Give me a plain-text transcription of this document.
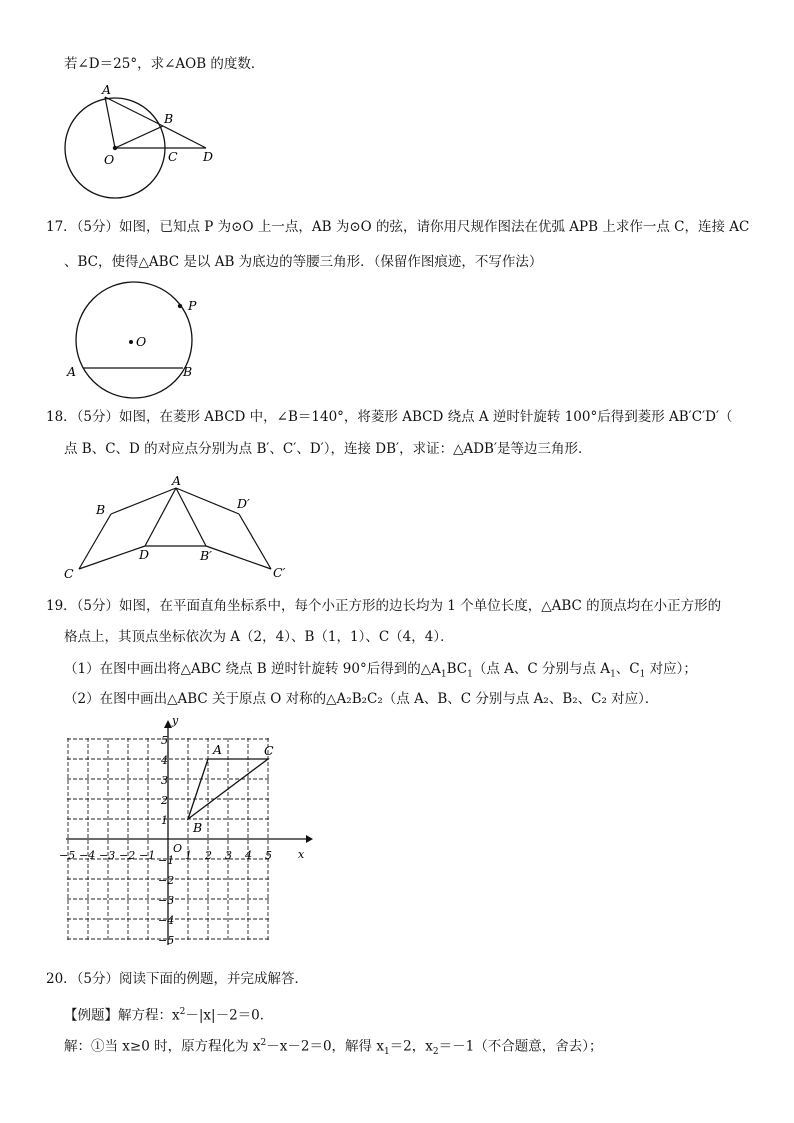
若∠D＝25°，求∠AOB 的度数．
A
B
O	C D
17．（5分）如图，已知点 P 为⊙O 上一点，AB 为⊙O 的弦，请你用尺规作图法在优弧 APB 上求作一点 C，连接 AC
、BC，使得△ABC 是以 AB 为底边的等腰三角形．（保留作图痕迹，不写作法）
P
O
A	B
18．（5分）如图，在菱形 ABCD 中，∠B＝140°，将菱形 ABCD 绕点 A 逆时针旋转 100°后得到菱形 AB′C′D′（
点 B、C、D 的对应点分别为点 B′、C′、D′），连接 DB′，求证：△ADB′是等边三角形．
A
B
C
D	B′
C′
D′
19．（5分）如图，在平面直角坐标系中，每个小正方形的边长均为 1 个单位长度，△ABC 的顶点均在小正方形的
格点上，其顶点坐标依次为 A（2，4）、B（1，1）、C（4，4）．
（1）在图中画出将△ABC 绕点 B 逆时针旋转 90°后得到的$\triangle A_1BC_1$（点 A、C 分别与点 $A_1$、$C_1$ 对应）；
（2）在图中画出△ABC 关于原点 O 对称的△A₂B₂C₂（点 A、B、C 分别与点 A₂、B₂、C₂ 对应）．
y
x
O
−5 −4 −3 −2 −1	1 2 3 4 5
5
4
3
2
1
−1
−2
−3
−4
−5
A
B
C
20．（5分）阅读下面的例题，并完成解答．
【例题】解方程：$x^2-|x|-2=0$．
解：①当 x≥0 时，原方程化为 $x^2-x-2=0$，解得 $x_1=2$，$x_2=-1$（不合题意，舍去）；
